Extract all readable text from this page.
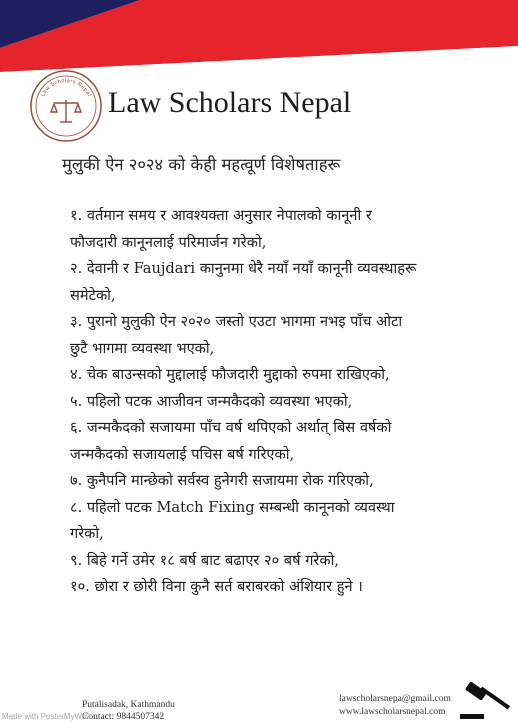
Law Scholars Nepal Law Scholars Nepal
मुलुकी ऐन २०२४ को केही महत्वूर्ण विशेषताहरू
१. वर्तमान समय र आवश्यक्ता अनुसार नेपालको कानूनी र
फौजदारी कानूनलाई परिमार्जन गरेको,
२. देवानी र Faujdari कानुनमा धेरै नयाँ नयाँ कानूनी व्यवस्थाहरू
समेटेको,
३. पुरानो मुलुकी ऐन २०२० जस्तो एउटा भागमा नभइ पाँच ओटा
छुटै भागमा व्यवस्था भएको,
४. चेक बाउन्सको मुद्दालाई फौजदारी मुद्दाको रुपमा राखिएको,
५. पहिलो पटक आजीवन जन्मकैदको व्यवस्था भएको,
६. जन्मकैदको सजायमा पाँच वर्ष थपिएको अर्थात् बिस वर्षको
जन्मकैदको सजायलाई पचिस बर्ष गरिएको,
७. कुनैपनि मान्छेको सर्वस्व हुनेगरी सजायमा रोक गरिएको,
८. पहिलो पटक Match Fixing सम्बन्धी कानूनको व्यवस्था
गरेको,
९. बिहे गर्ने उमेर १८ बर्ष बाट बढाएर २० बर्ष गरेको,
१०. छोरा र छोरी विना कुनै सर्त बराबरको अंशियार हुने ।
Putalisadak, Kathmandu
Contact: 9844507342
lawscholarsnepa@gmail.com
www.lawscholarsnepal.com
Made with PosterMyWall
